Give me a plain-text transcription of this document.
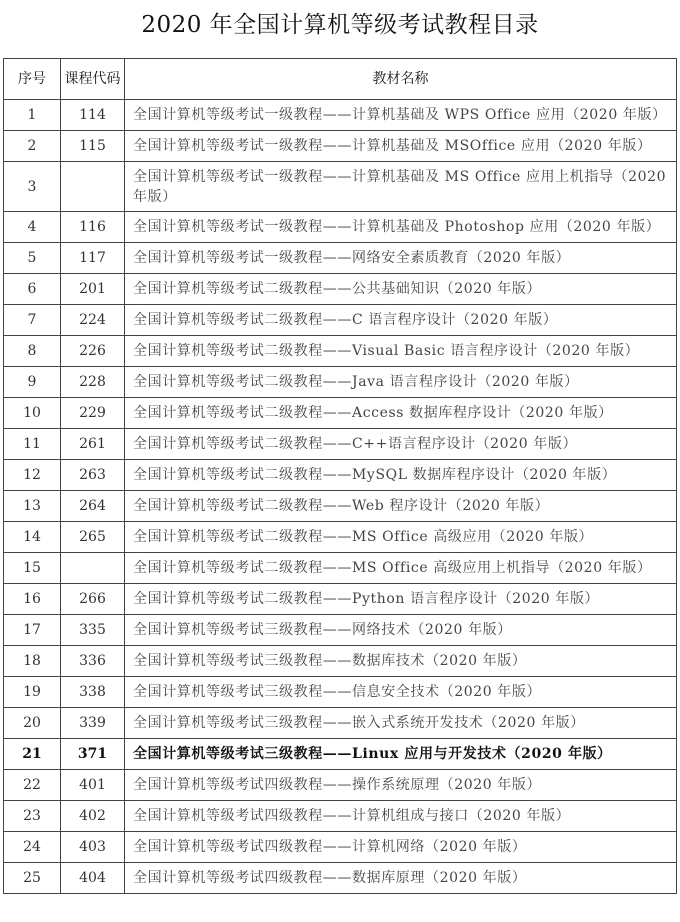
2020 年全国计算机等级考试教程目录
序号	课程代码	教材名称
1	114	全国计算机等级考试一级教程——计算机基础及 WPS Office 应用（2020 年版）
2	115	全国计算机等级考试一级教程——计算机基础及 MSOffice 应用（2020 年版）
3		全国计算机等级考试一级教程——计算机基础及 MS Office 应用上机指导（2020 年版）
4	116	全国计算机等级考试一级教程——计算机基础及 Photoshop 应用（2020 年版）
5	117	全国计算机等级考试一级教程——网络安全素质教育（2020 年版）
6	201	全国计算机等级考试二级教程——公共基础知识（2020 年版）
7	224	全国计算机等级考试二级教程——C 语言程序设计（2020 年版）
8	226	全国计算机等级考试二级教程——Visual Basic 语言程序设计（2020 年版）
9	228	全国计算机等级考试二级教程——Java 语言程序设计（2020 年版）
10	229	全国计算机等级考试二级教程——Access 数据库程序设计（2020 年版）
11	261	全国计算机等级考试二级教程——C++语言程序设计（2020 年版）
12	263	全国计算机等级考试二级教程——MySQL 数据库程序设计（2020 年版）
13	264	全国计算机等级考试二级教程——Web 程序设计（2020 年版）
14	265	全国计算机等级考试二级教程——MS Office 高级应用（2020 年版）
15		全国计算机等级考试二级教程——MS Office 高级应用上机指导（2020 年版）
16	266	全国计算机等级考试二级教程——Python 语言程序设计（2020 年版）
17	335	全国计算机等级考试三级教程——网络技术（2020 年版）
18	336	全国计算机等级考试三级教程——数据库技术（2020 年版）
19	338	全国计算机等级考试三级教程——信息安全技术（2020 年版）
20	339	全国计算机等级考试三级教程——嵌入式系统开发技术（2020 年版）
21	371	全国计算机等级考试三级教程——Linux 应用与开发技术（2020 年版）
22	401	全国计算机等级考试四级教程——操作系统原理（2020 年版）
23	402	全国计算机等级考试四级教程——计算机组成与接口（2020 年版）
24	403	全国计算机等级考试四级教程——计算机网络（2020 年版）
25	404	全国计算机等级考试四级教程——数据库原理（2020 年版）
